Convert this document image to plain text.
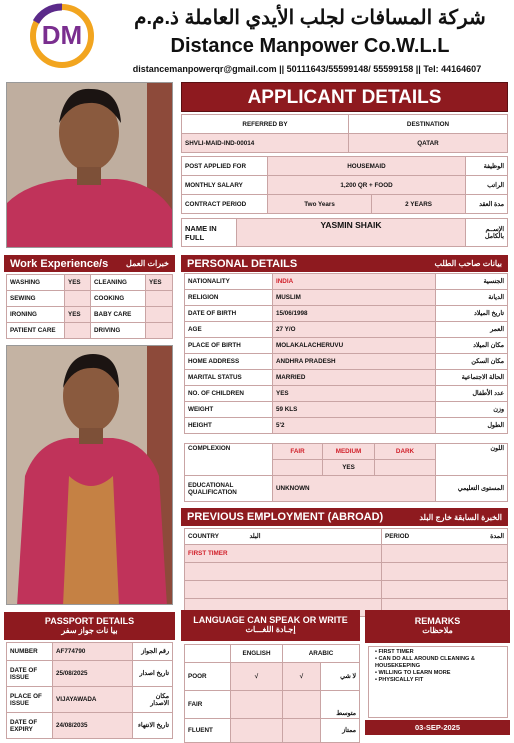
DM
شركة المسافات لجلب الأيدي العاملة ذ.م.م
Distance Manpower Co.W.L.L
distancemanpowerqr@gmail.com || 50111643/55599148/ 55599158 || Tel: 44164607
APPLICANT DETAILS
REFERRED BY	DESTINATION
SHVLI-MAID-IND-00014	QATAR
POST APPLIED FOR	HOUSEMAID		الوظيفة
MONTHLY SALARY	1,200 QR + FOOD		الراتب
CONTRACT PERIOD	Two Years	2 YEARS	مدة العقد
NAME IN FULL	YASMIN SHAIK	الإســم بالكامل
Work Experience/s خبرات العمل
WASHING	YES	CLEANING	YES
SEWING		COOKING	
IRONING	YES	BABY CARE	
PATIENT CARE		DRIVING	
PERSONAL DETAILS	بيانات صاحب الطلب
NATIONALITY	INDIA	الجنسية
RELIGION	MUSLIM	الديانة
DATE OF BIRTH	15/06/1998	تاريخ الميلاد
AGE	27 Y/O	العمر
PLACE OF BIRTH	MOLAKALACHERUVU	مكان الميلاد
HOME ADDRESS	ANDHRA PRADESH	مكان السكن
MARITAL STATUS	MARRIED	الحالة الاجتماعية
NO. OF CHILDREN	YES	عدد الأطفال
WEIGHT	59 KLS	وزن
HEIGHT	5'2	الطول
COMPLEXION	FAIR	MEDIUM	DARK	اللون
		YES		
EDUCATIONAL QUALIFICATION	UNKNOWN			المستوى التعليمي
PREVIOUS EMPLOYMENT (ABROAD)	الخبرة السابقة خارج البلد
COUNTRY	البلد	PERIOD	المدة
FIRST TIMER			

PASSPORT DETAILS
بيا نات جواز سفر
NUMBER	AF774790	رقم الجواز
DATE OF ISSUE	25/08/2025	تاريخ اصدار
PLACE OF ISSUE	VIJAYAWADA	مكان الاصدار
DATE OF EXPIRY	24/08/2035	تاريخ الانتهاء
LANGUAGE CAN SPEAK OR WRITE
إجـادة اللغـــات
	ENGLISH	ARABIC	
POOR	√	√	لا شي
FAIR			متوسط
FLUENT			ممتاز
REMARKS
ملاحظات
• FIRST TIMER
• CAN DO ALL AROUND CLEANING & HOUSEKEEPING
• WILLING TO LEARN MORE
• PHYSICALLY FIT
03-SEP-2025
